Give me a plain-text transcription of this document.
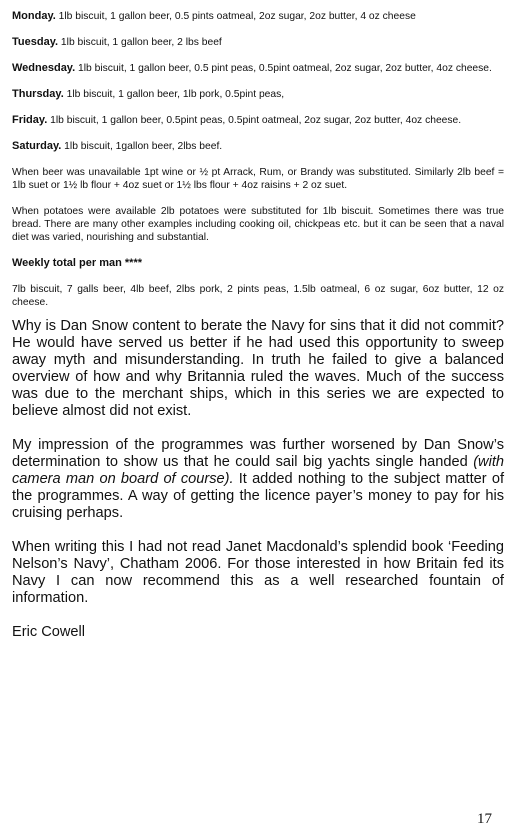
Monday. 1lb biscuit, 1 gallon beer, 0.5 pints oatmeal, 2oz sugar, 2oz butter, 4 oz cheese

Tuesday. 1lb biscuit, 1 gallon beer, 2 lbs beef

Wednesday. 1lb biscuit, 1 gallon beer, 0.5 pint peas, 0.5pint oatmeal, 2oz sugar, 2oz butter, 4oz cheese.

Thursday. 1lb biscuit, 1 gallon beer, 1lb pork, 0.5pint peas,

Friday. 1lb biscuit, 1 gallon beer, 0.5pint peas, 0.5pint oatmeal, 2oz sugar, 2oz butter, 4oz cheese.

Saturday. 1lb biscuit, 1gallon beer, 2lbs beef.

When beer was unavailable 1pt wine or ½ pt Arrack, Rum, or Brandy was substituted. Similarly 2lb beef = 1lb suet or 1½ lb flour + 4oz suet or 1½ lbs flour + 4oz raisins + 2 oz suet.

When potatoes were available 2lb potatoes were substituted for 1lb biscuit. Sometimes there was true bread. There are many other examples including cooking oil, chickpeas etc. but it can be seen that a naval diet was varied, nourishing and substantial.

Weekly total per man ****

7lb biscuit, 7 galls beer, 4lb beef, 2lbs pork, 2 pints peas, 1.5lb oatmeal, 6 oz sugar, 6oz butter, 12 oz cheese.

Why is Dan Snow content to berate the Navy for sins that it did not commit? He would have served us better if he had used this opportunity to sweep away myth and misunderstanding. In truth he failed to give a balanced overview of how and why Britannia ruled the waves. Much of the success was due to the merchant ships, which in this series we are expected to believe almost did not exist.

My impression of the programmes was further worsened by Dan Snow’s determination to show us that he could sail big yachts single handed (with camera man on board of course). It added nothing to the subject matter of the programmes. A way of getting the licence payer’s money to pay for his cruising perhaps.

When writing this I had not read Janet Macdonald’s splendid book ‘Feeding Nelson’s Navy’, Chatham 2006. For those interested in how Britain fed its Navy I can now recommend this as a well researched fountain of information.

Eric Cowell

17
